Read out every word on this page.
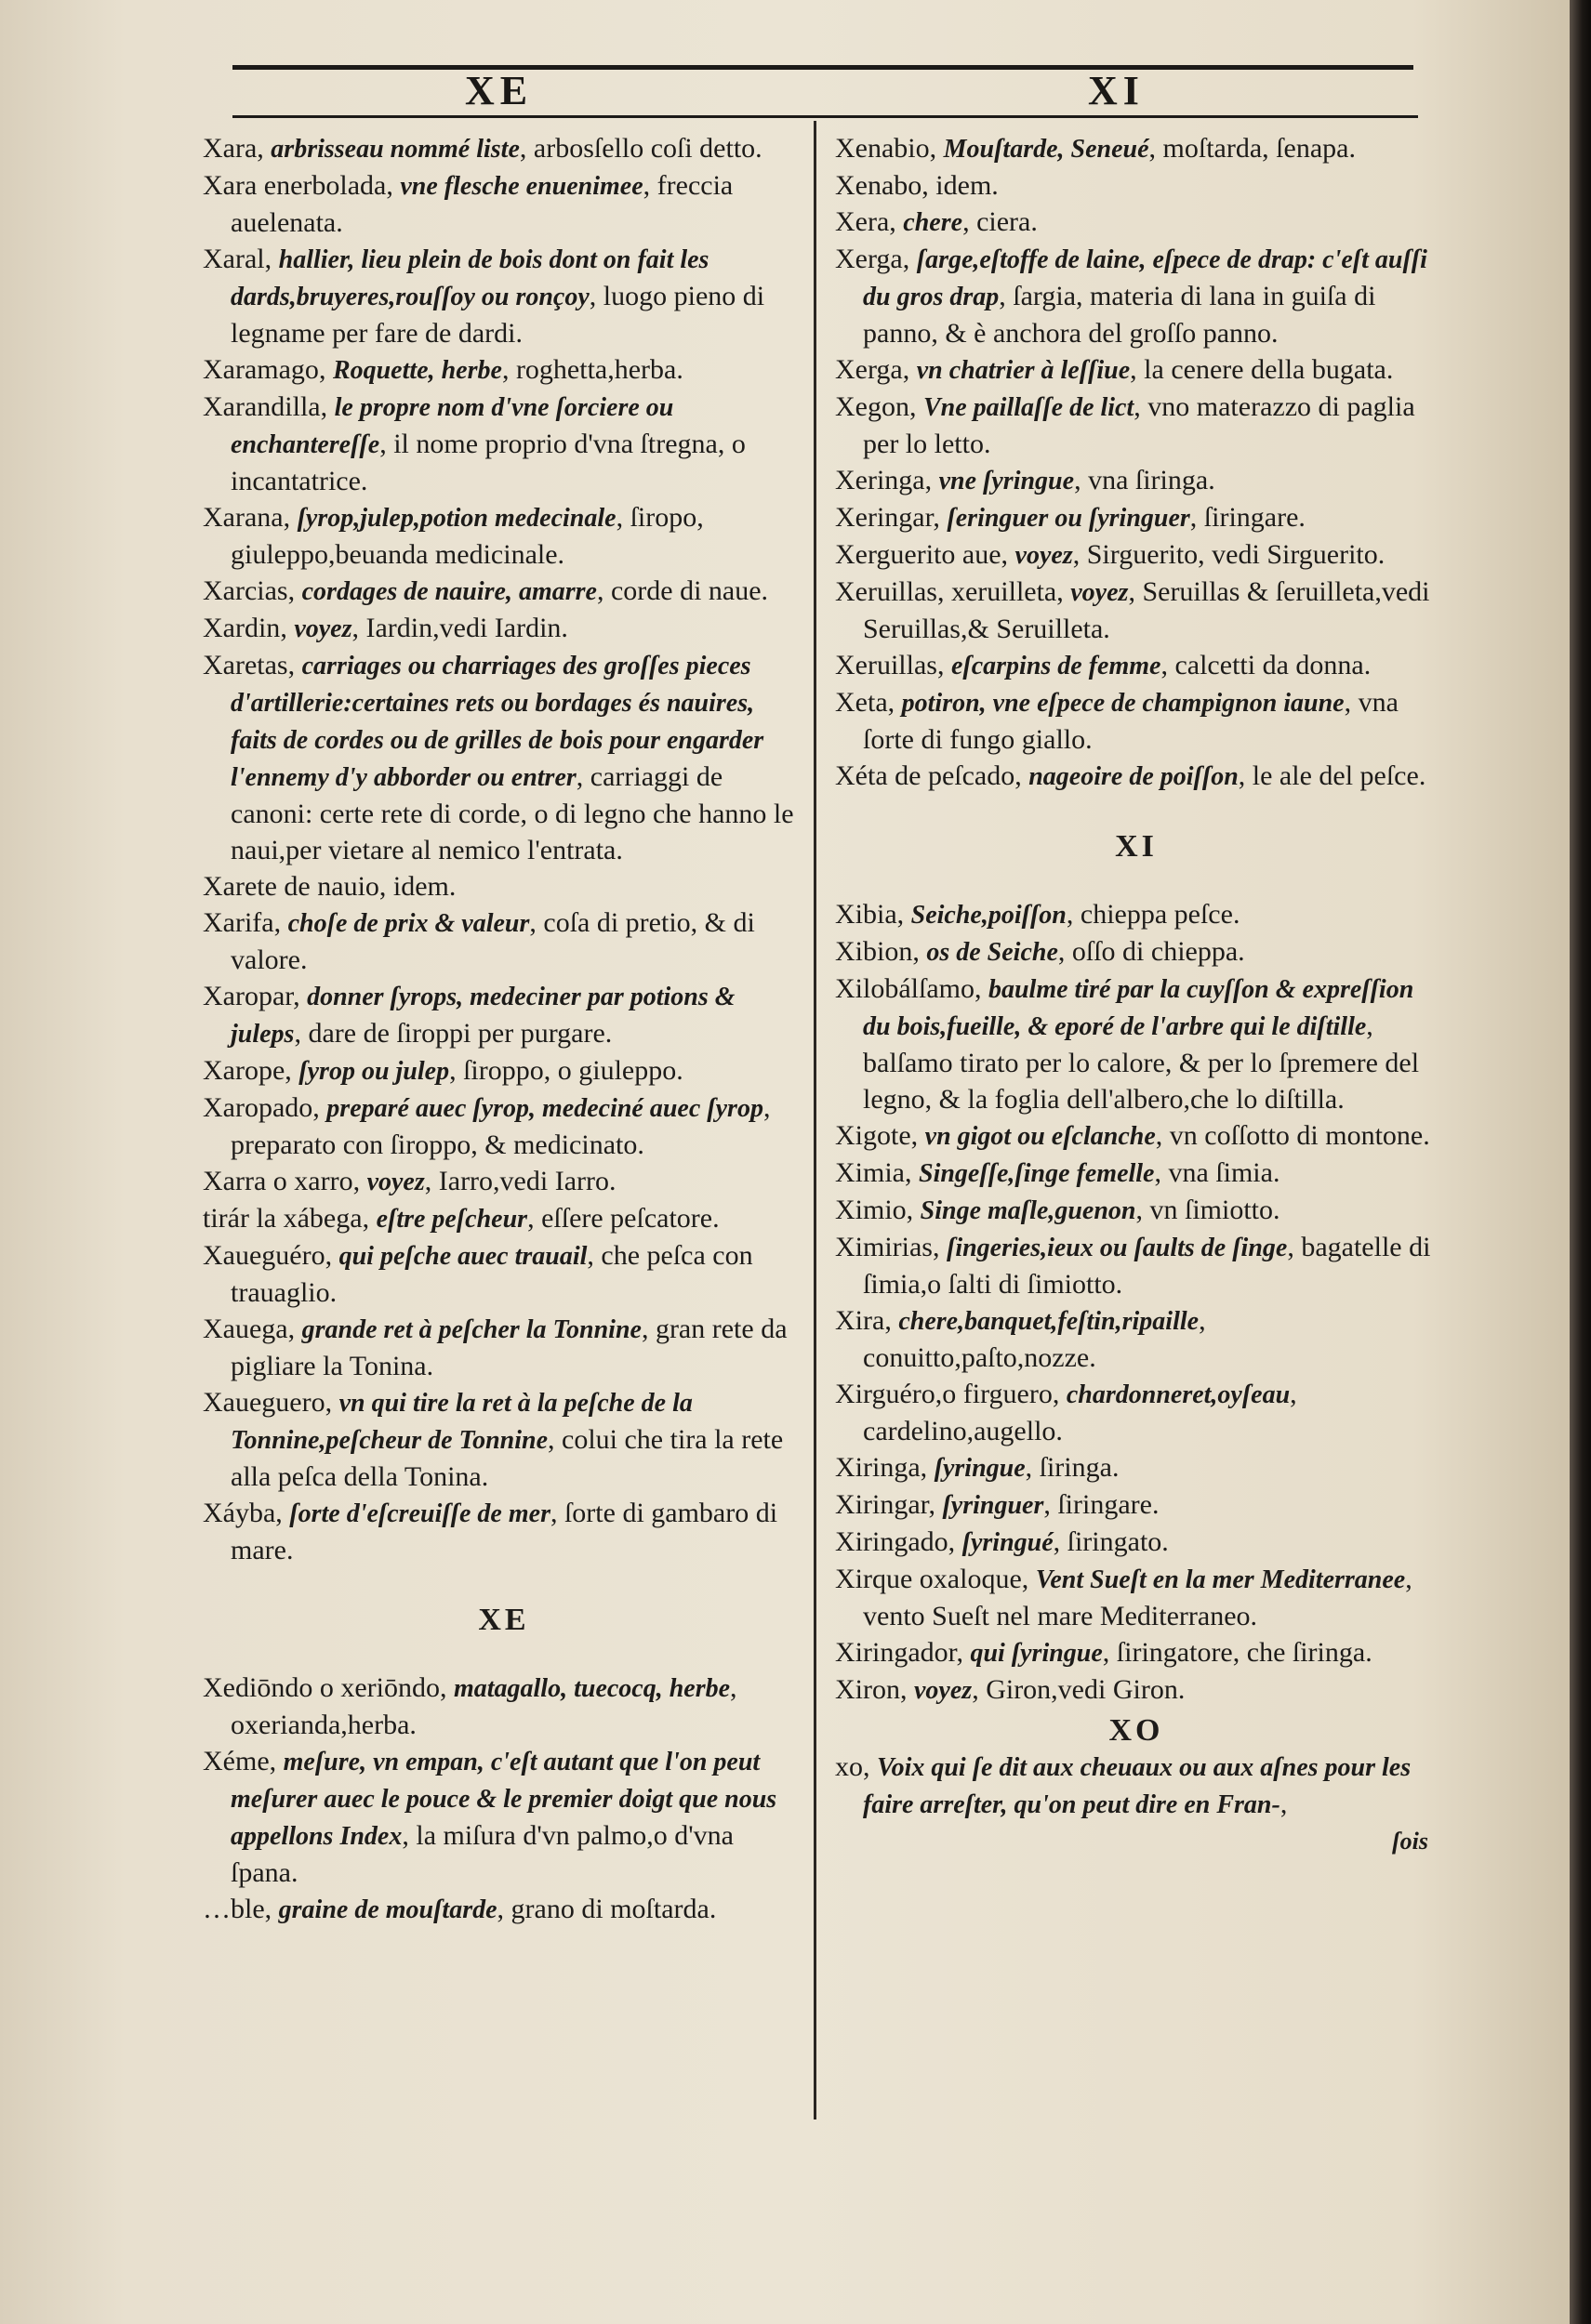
XE	XI

Xara, arbrisseau nommé liste, arbosſello coſi detto.

Xara enerbolada, vne flesche enuenimee, freccia auelenata.

Xaral, hallier, lieu plein de bois dont on fait les dards,bruyeres,rouſſoy ou ronçoy, luogo pieno di legname per fare de dardi.

Xaramago, Roquette, herbe, roghetta,herba.

Xarandilla, le propre nom d'vne ſorciere ou enchantereſſe, il nome proprio d'vna ſtregna, o incantatrice.

Xarana, ſyrop,julep,potion medecinale, ſiropo, giuleppo,beuanda medicinale.

Xarcias, cordages de nauire, amarre, corde di naue.

Xardin, voyez, Iardin,vedi Iardin.

Xaretas, carriages ou charriages des groſſes pieces d'artillerie:certaines rets ou bordages és nauires, faits de cordes ou de grilles de bois pour engarder l'ennemy d'y abborder ou entrer, carriaggi de canoni: certe rete di corde, o di legno che hanno le naui,per vietare al nemico l'entrata.

Xarete de nauio, idem.

Xarifa, choſe de prix & valeur, coſa di pretio, & di valore.

Xaropar, donner ſyrops, medeciner par potions & juleps, dare de ſiroppi per purgare.

Xarope, ſyrop ou julep, ſiroppo, o giuleppo.

Xaropado, preparé auec ſyrop, medeciné auec ſyrop, preparato con ſiroppo, & medicinato.

Xarra o xarro, voyez, Iarro,vedi Iarro.

tirár la xábega, eſtre peſcheur, eſſere peſcatore.

Xaueguéro, qui peſche auec trauail, che peſca con trauaglio.

Xauega, grande ret à peſcher la Tonnine, gran rete da pigliare la Tonina.

Xaueguero, vn qui tire la ret à la peſche de la Tonnine,peſcheur de Tonnine, colui che tira la rete alla peſca della Tonina.

Xáyba, ſorte d'eſcreuiſſe de mer, ſorte di gambaro di mare.

XE

Xediōndo o xeriōndo, matagallo, tuecocq, herbe, oxerianda,herba.

Xéme, meſure, vn empan, c'eſt autant que l'on peut meſurer auec le pouce & le premier doigt que nous appellons Index, la miſura d'vn palmo,o d'vna ſpana.

…ble, graine de mouſtarde, grano di moſtarda.

Xenabio, Mouſtarde, Seneué, moſtarda, ſenapa.

Xenabo, idem.

Xera, chere, ciera.

Xerga, ſarge,eſtoffe de laine, eſpece de drap: c'eſt auſſi du gros drap, ſargia, materia di lana in guiſa di panno, & è anchora del groſſo panno.

Xerga, vn chatrier à leſſiue, la cenere della bugata.

Xegon, Vne paillaſſe de lict, vno materazzo di paglia per lo letto.

Xeringa, vne ſyringue, vna ſiringa.

Xeringar, ſeringuer ou ſyringuer, ſiringare.

Xerguerito aue, voyez, Sirguerito, vedi Sirguerito.

Xeruillas, xeruilleta, voyez, Seruillas & ſeruilleta,vedi Seruillas,& Seruilleta.

Xeruillas, eſcarpins de femme, calcetti da donna.

Xeta, potiron, vne eſpece de champignon iaune, vna ſorte di fungo giallo.

Xéta de peſcado, nageoire de poiſſon, le ale del peſce.

XI

Xibia, Seiche,poiſſon, chieppa peſce.

Xibion, os de Seiche, oſſo di chieppa.

Xilobálſamo, baulme tiré par la cuyſſon & expreſſion du bois,fueille, & eporé de l'arbre qui le diſtille, balſamo tirato per lo calore, & per lo ſpremere del legno, & la foglia dell'albero,che lo diſtilla.

Xigote, vn gigot ou eſclanche, vn coſſotto di montone.

Ximia, Singeſſe,ſinge femelle, vna ſimia.

Ximio, Singe maſle,guenon, vn ſimiotto.

Ximirias, ſingeries,ieux ou ſaults de ſinge, bagatelle di ſimia,o ſalti di ſimiotto.

Xira, chere,banquet,feſtin,ripaille, conuitto,paſto,nozze.

Xirguéro,o firguero, chardonneret,oyſeau, cardelino,augello.

Xiringa, ſyringue, ſiringa.

Xiringar, ſyringuer, ſiringare.

Xiringado, ſyringué, ſiringato.

Xirque oxaloque, Vent Sueſt en la mer Mediterranee, vento Sueſt nel mare Mediterraneo.

Xiringador, qui ſyringue, ſiringatore, che ſiringa.

Xiron, voyez, Giron,vedi Giron.

XO

xo, Voix qui ſe dit aux cheuaux ou aux aſnes pour les faire arreſter, qu'on peut dire en Fran-,

ſois
